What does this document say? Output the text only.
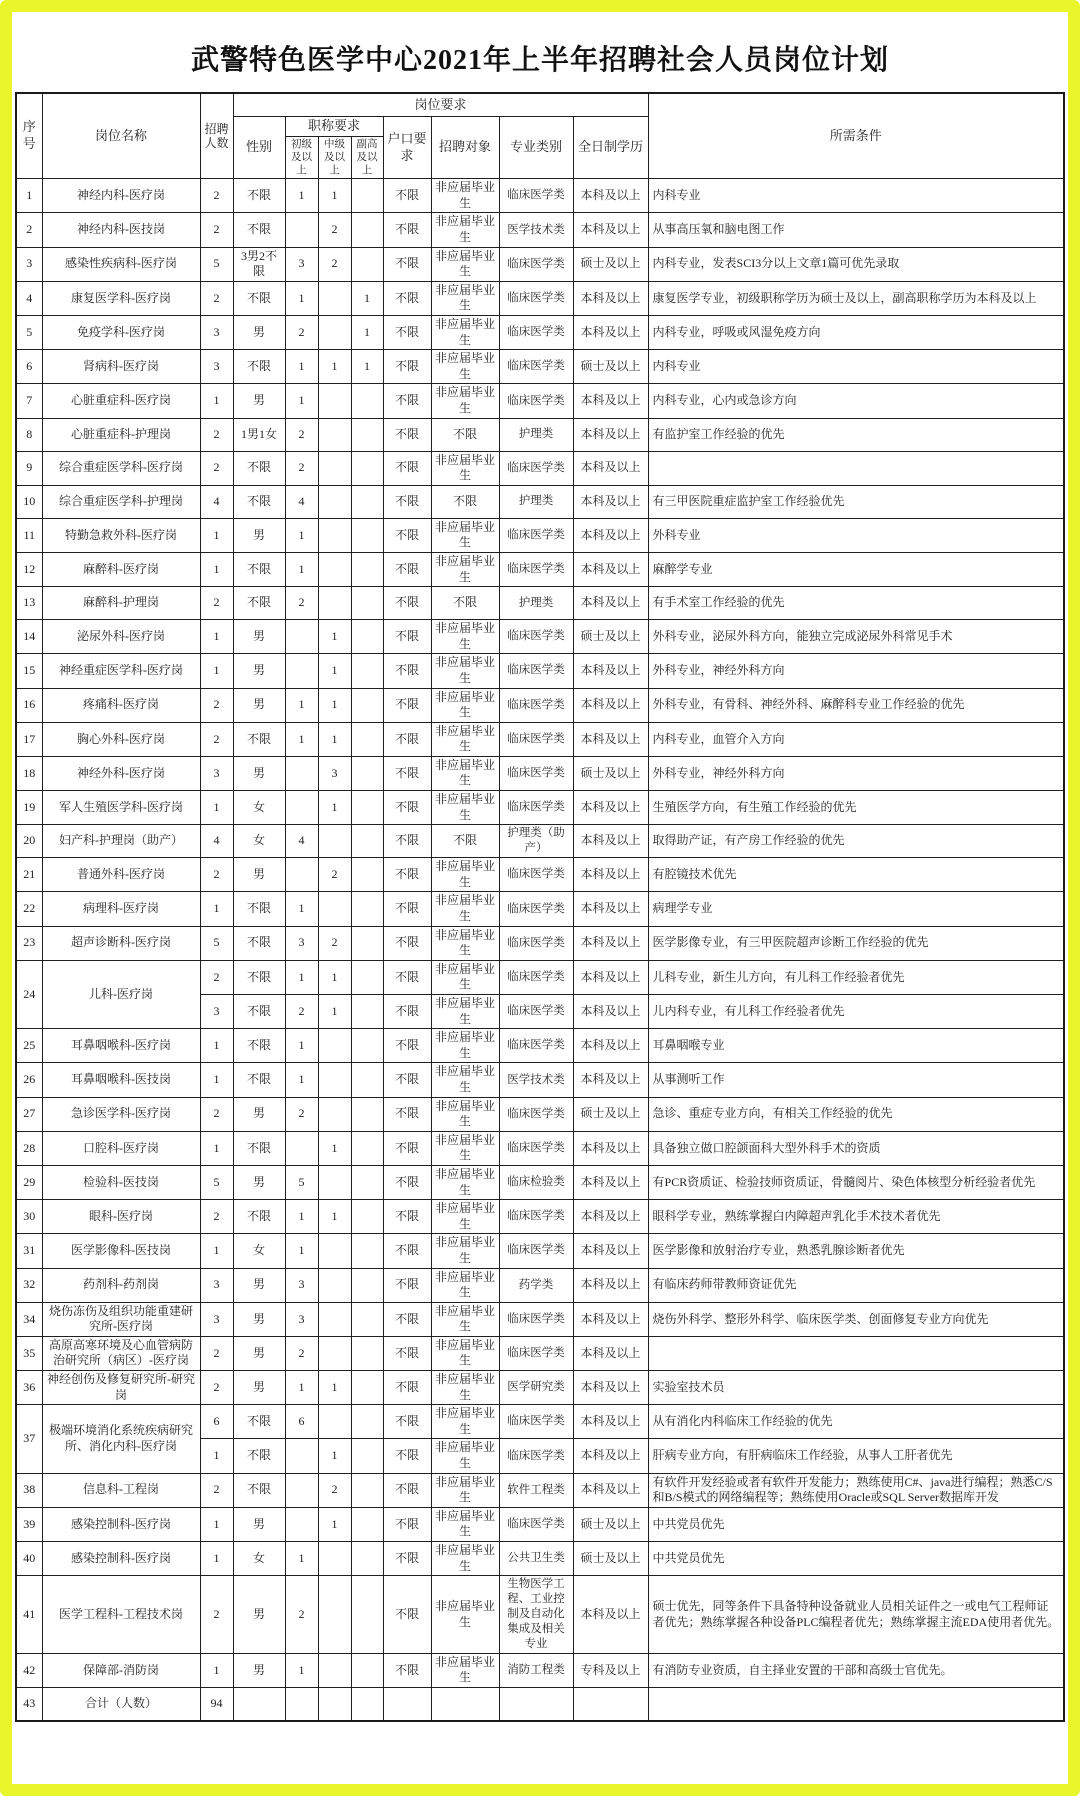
武警特色医学中心2021年上半年招聘社会人员岗位计划
序号	岗位名称	招聘人数	岗位要求								所需条件
			性别	职称要求			户口要求	招聘对象	专业类别	全日制学历	
				初级及以上	中级及以上	副高及以上					
1	神经内科-医疗岗	2	不限	1	1		不限	非应届毕业生	临床医学类	本科及以上	内科专业
2	神经内科-医技岗	2	不限		2		不限	非应届毕业生	医学技术类	本科及以上	从事高压氧和脑电图工作
3	感染性疾病科-医疗岗	5	3男2不限	3	2		不限	非应届毕业生	临床医学类	硕士及以上	内科专业，发表SCI3分以上文章1篇可优先录取
4	康复医学科-医疗岗	2	不限	1		1	不限	非应届毕业生	临床医学类	本科及以上	康复医学专业，初级职称学历为硕士及以上，副高职称学历为本科及以上
5	免疫学科-医疗岗	3	男	2		1	不限	非应届毕业生	临床医学类	本科及以上	内科专业，呼吸或风湿免疫方向
6	肾病科-医疗岗	3	不限	1	1	1	不限	非应届毕业生	临床医学类	硕士及以上	内科专业
7	心脏重症科-医疗岗	1	男	1			不限	非应届毕业生	临床医学类	本科及以上	内科专业，心内或急诊方向
8	心脏重症科-护理岗	2	1男1女	2			不限	不限	护理类	本科及以上	有监护室工作经验的优先
9	综合重症医学科-医疗岗	2	不限	2			不限	非应届毕业生	临床医学类	本科及以上	
10	综合重症医学科-护理岗	4	不限	4			不限	不限	护理类	本科及以上	有三甲医院重症监护室工作经验优先
11	特勤急救外科-医疗岗	1	男	1			不限	非应届毕业生	临床医学类	本科及以上	外科专业
12	麻醉科-医疗岗	1	不限	1			不限	非应届毕业生	临床医学类	本科及以上	麻醉学专业
13	麻醉科-护理岗	2	不限	2			不限	不限	护理类	本科及以上	有手术室工作经验的优先
14	泌尿外科-医疗岗	1	男		1		不限	非应届毕业生	临床医学类	硕士及以上	外科专业，泌尿外科方向，能独立完成泌尿外科常见手术
15	神经重症医学科-医疗岗	1	男		1		不限	非应届毕业生	临床医学类	本科及以上	外科专业，神经外科方向
16	疼痛科-医疗岗	2	男	1	1		不限	非应届毕业生	临床医学类	本科及以上	外科专业，有骨科、神经外科、麻醉科专业工作经验的优先
17	胸心外科-医疗岗	2	不限	1	1		不限	非应届毕业生	临床医学类	本科及以上	内科专业，血管介入方向
18	神经外科-医疗岗	3	男		3		不限	非应届毕业生	临床医学类	硕士及以上	外科专业，神经外科方向
19	军人生殖医学科-医疗岗	1	女		1		不限	非应届毕业生	临床医学类	本科及以上	生殖医学方向，有生殖工作经验的优先
20	妇产科-护理岗（助产）	4	女	4			不限	不限	护理类（助产）	本科及以上	取得助产证，有产房工作经验的优先
21	普通外科-医疗岗	2	男		2		不限	非应届毕业生	临床医学类	本科及以上	有腔镜技术优先
22	病理科-医疗岗	1	不限	1			不限	非应届毕业生	临床医学类	本科及以上	病理学专业
23	超声诊断科-医疗岗	5	不限	3	2		不限	非应届毕业生	临床医学类	本科及以上	医学影像专业，有三甲医院超声诊断工作经验的优先
24	儿科-医疗岗	2	不限	1	1		不限	非应届毕业生	临床医学类	本科及以上	儿科专业，新生儿方向，有儿科工作经验者优先
		3	不限	2	1		不限	非应届毕业生	临床医学类	本科及以上	儿内科专业，有儿科工作经验者优先
25	耳鼻咽喉科-医疗岗	1	不限	1			不限	非应届毕业生	临床医学类	本科及以上	耳鼻咽喉专业
26	耳鼻咽喉科-医技岗	1	不限	1			不限	非应届毕业生	医学技术类	本科及以上	从事测听工作
27	急诊医学科-医疗岗	2	男	2			不限	非应届毕业生	临床医学类	硕士及以上	急诊、重症专业方向，有相关工作经验的优先
28	口腔科-医疗岗	1	不限		1		不限	非应届毕业生	临床医学类	本科及以上	具备独立做口腔颌面科大型外科手术的资质
29	检验科-医技岗	5	男	5			不限	非应届毕业生	临床检验类	本科及以上	有PCR资质证、检验技师资质证，骨髓阅片、染色体核型分析经验者优先
30	眼科-医疗岗	2	不限	1	1		不限	非应届毕业生	临床医学类	本科及以上	眼科学专业，熟练掌握白内障超声乳化手术技术者优先
31	医学影像科-医技岗	1	女	1			不限	非应届毕业生	临床医学类	本科及以上	医学影像和放射治疗专业，熟悉乳腺诊断者优先
32	药剂科-药剂岗	3	男	3			不限	非应届毕业生	药学类	本科及以上	有临床药师带教师资证优先
34	烧伤冻伤及组织功能重建研究所-医疗岗	3	男	3			不限	非应届毕业生	临床医学类	本科及以上	烧伤外科学、整形外科学、临床医学类、创面修复专业方向优先
35	高原高寒环境及心血管病防治研究所（病区）-医疗岗	2	男	2			不限	非应届毕业生	临床医学类	本科及以上	
36	神经创伤及修复研究所-研究岗	2	男	1	1		不限	非应届毕业生	医学研究类	本科及以上	实验室技术员
37	极端环境消化系统疾病研究所、消化内科-医疗岗	6	不限	6			不限	非应届毕业生	临床医学类	本科及以上	从有消化内科临床工作经验的优先
		1	不限		1		不限	非应届毕业生	临床医学类	本科及以上	肝病专业方向，有肝病临床工作经验，从事人工肝者优先
38	信息科-工程岗	2	不限		2		不限	非应届毕业生	软件工程类	本科及以上	有软件开发经验或者有软件开发能力；熟练使用C#、java进行编程；熟悉C/S和B/S模式的网络编程等；熟练使用Oracle或SQL Server数据库开发
39	感染控制科-医疗岗	1	男		1		不限	非应届毕业生	临床医学类	硕士及以上	中共党员优先
40	感染控制科-医疗岗	1	女	1			不限	非应届毕业生	公共卫生类	硕士及以上	中共党员优先
41	医学工程科-工程技术岗	2	男	2			不限	非应届毕业生	生物医学工程、工业控制及自动化集成及相关专业	本科及以上	硕士优先，同等条件下具备特种设备就业人员相关证件之一或电气工程师证者优先；熟练掌握各种设备PLC编程者优先；熟练掌握主流EDA使用者优先。
42	保障部-消防岗	1	男	1			不限	非应届毕业生	消防工程类	专科及以上	有消防专业资质，自主择业安置的干部和高级士官优先。
43	合计（人数）	94									
